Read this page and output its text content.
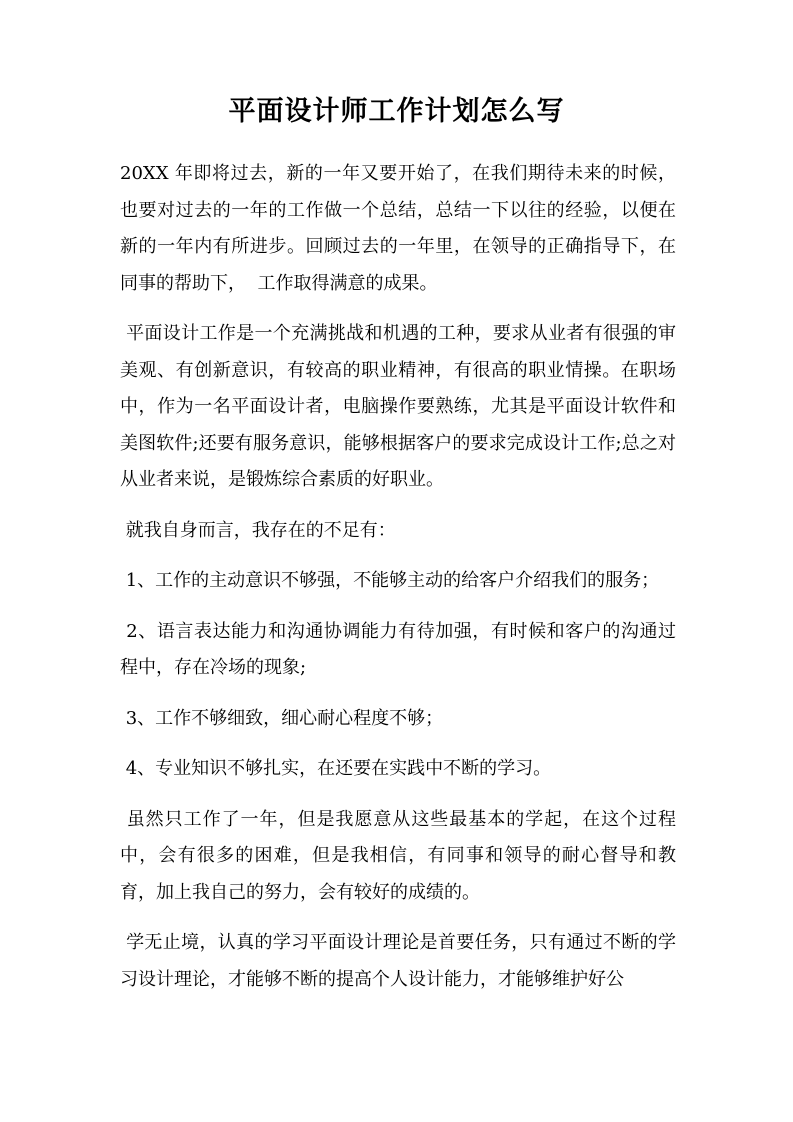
平面设计师工作计划怎么写

20XX 年即将过去，新的一年又要开始了，在我们期待未来的时候，也要对过去的一年的工作做一个总结，总结一下以往的经验，以便在新的一年内有所进步。回顾过去的一年里，在领导的正确指导下，在同事的帮助下，  工作取得满意的成果。

平面设计工作是一个充满挑战和机遇的工种，要求从业者有很强的审美观、有创新意识，有较高的职业精神，有很高的职业情操。在职场中，作为一名平面设计者，电脑操作要熟练，尤其是平面设计软件和美图软件;还要有服务意识，能够根据客户的要求完成设计工作;总之对从业者来说，是锻炼综合素质的好职业。

就我自身而言，我存在的不足有：

1、工作的主动意识不够强，不能够主动的给客户介绍我们的服务；

2、语言表达能力和沟通协调能力有待加强，有时候和客户的沟通过程中，存在冷场的现象;

3、工作不够细致，细心耐心程度不够；

4、专业知识不够扎实，在还要在实践中不断的学习。

虽然只工作了一年，但是我愿意从这些最基本的学起，在这个过程中，会有很多的困难，但是我相信，有同事和领导的耐心督导和教育，加上我自己的努力，会有较好的成绩的。

学无止境，认真的学习平面设计理论是首要任务，只有通过不断的学习设计理论，才能够不断的提高个人设计能力，才能够维护好公
